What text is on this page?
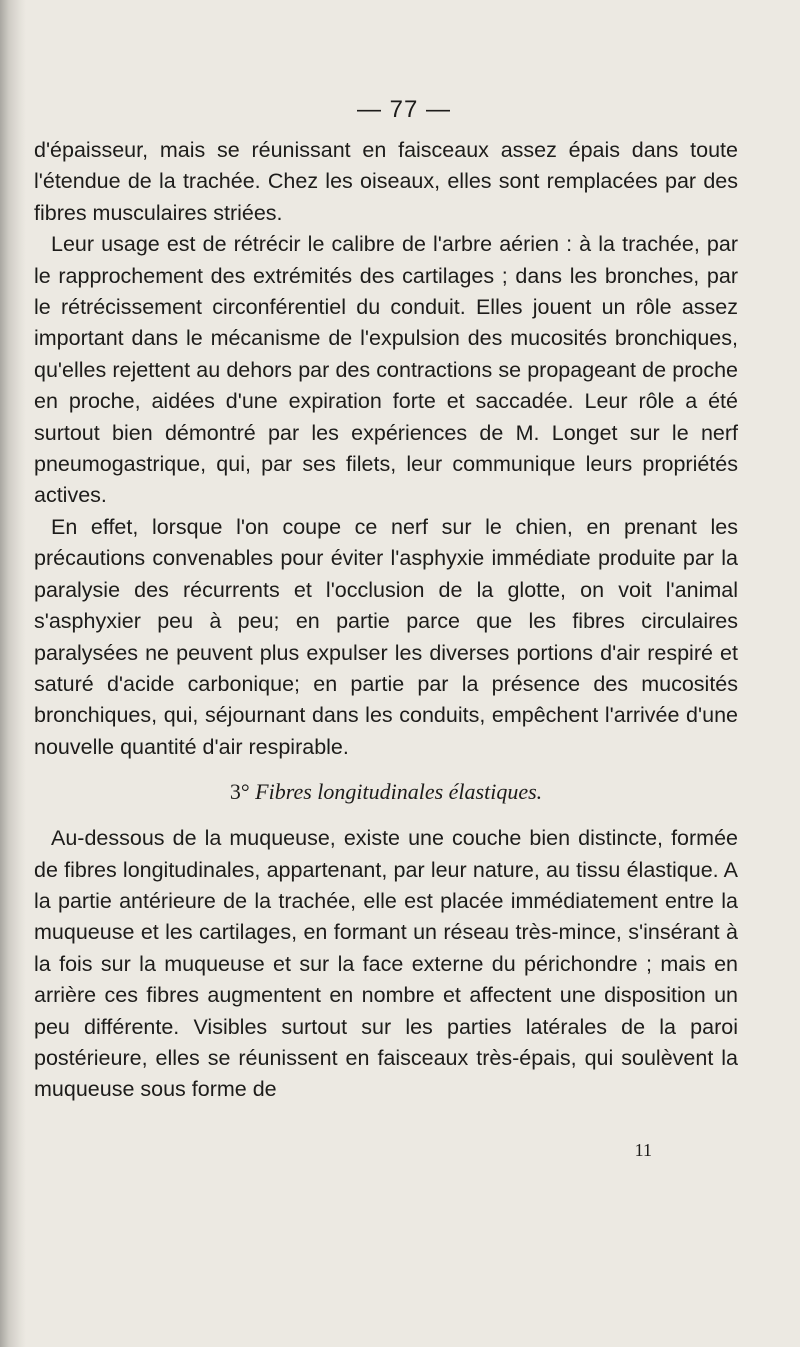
— 77 —

d'épaisseur, mais se réunissant en faisceaux assez épais dans toute l'étendue de la trachée. Chez les oiseaux, elles sont remplacées par des fibres musculaires striées.

Leur usage est de rétrécir le calibre de l'arbre aérien : à la trachée, par le rapprochement des extrémités des cartilages ; dans les bronches, par le rétrécissement circonférentiel du conduit. Elles jouent un rôle assez important dans le mécanisme de l'expulsion des mucosités bronchiques, qu'elles rejettent au dehors par des contractions se propageant de proche en proche, aidées d'une expiration forte et saccadée. Leur rôle a été surtout bien démontré par les expériences de M. Longet sur le nerf pneumogastrique, qui, par ses filets, leur communique leurs propriétés actives.

En effet, lorsque l'on coupe ce nerf sur le chien, en prenant les précautions convenables pour éviter l'asphyxie immédiate produite par la paralysie des récurrents et l'occlusion de la glotte, on voit l'animal s'asphyxier peu à peu; en partie parce que les fibres circulaires paralysées ne peuvent plus expulser les diverses portions d'air respiré et saturé d'acide carbonique; en partie par la présence des mucosités bronchiques, qui, séjournant dans les conduits, empêchent l'arrivée d'une nouvelle quantité d'air respirable.

3° Fibres longitudinales élastiques.

Au-dessous de la muqueuse, existe une couche bien distincte, formée de fibres longitudinales, appartenant, par leur nature, au tissu élastique. A la partie antérieure de la trachée, elle est placée immédiatement entre la muqueuse et les cartilages, en formant un réseau très-mince, s'insérant à la fois sur la muqueuse et sur la face externe du périchondre ; mais en arrière ces fibres augmentent en nombre et affectent une disposition un peu différente. Visibles surtout sur les parties latérales de la paroi postérieure, elles se réunissent en faisceaux très-épais, qui soulèvent la muqueuse sous forme de

11
